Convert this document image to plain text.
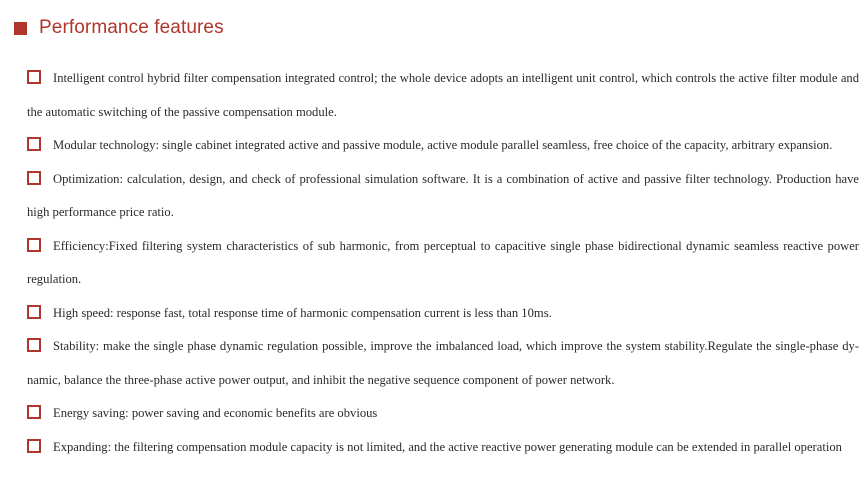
Performance features
Intelligent control hybrid filter compensation integrated control; the whole device adopts an intelligent unit control, which controls the active filter module and the automatic switching of the passive compensation module.
Modular technology: single cabinet integrated active and passive module, active module parallel seamless, free choice of the capacity, arbitrary expansion.
Optimization: calculation, design, and check of professional simulation software. It is a combination of active and passive filter technology. Production have high performance price ratio.
Efficiency:Fixed filtering system characteristics of sub harmonic, from perceptual to capacitive single phase bidirectional dynamic seamless reactive power regulation.
High speed: response fast, total response time of harmonic compensation current is less than 10ms.
Stability: make the single phase dynamic regulation possible, improve the imbalanced load, which improve the system stability.Regulate the single-phase dy-namic, balance the three-phase active power output, and inhibit the negative sequence component of power network.
Energy saving: power saving and economic benefits are obvious
Expanding: the filtering compensation module capacity is not limited, and the active reactive power generating module can be extended in parallel operation
